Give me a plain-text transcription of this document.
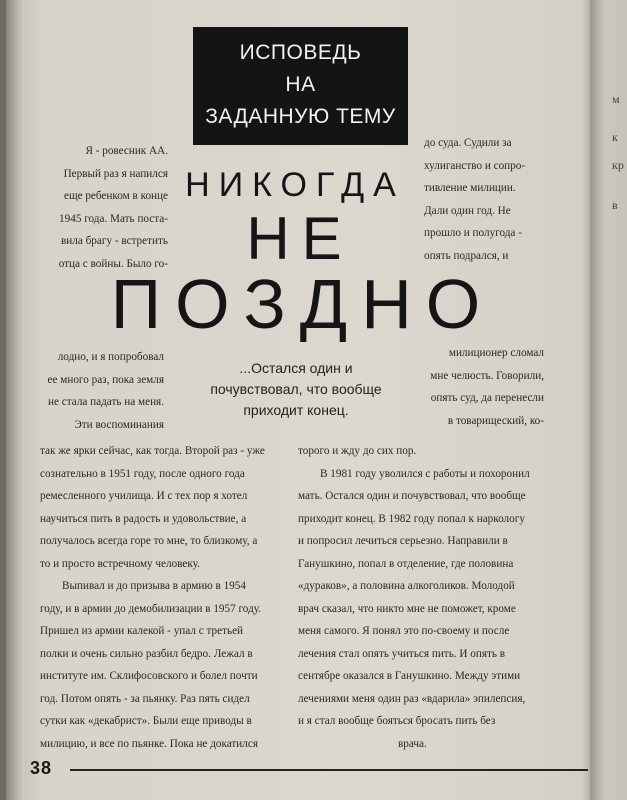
м
к
кр
в
ИСПОВЕДЬ
НА
ЗАДАННУЮ ТЕМУ
НИКОГДА
НЕ
ПОЗДНО

Я - ровесник АА.

Первый раз я напился

еще ребенком в конце

1945 года. Мать поста-

вила брагу - встретить

отца с войны. Было го-

до суда. Судили за

хулиганство и сопро-

тивление милиции.

Дали один год. Не

прошло и полугода -

опять подрался, и

лодно, и я попробовал

ее много раз, пока земля

не стала падать на меня.

Эти воспоминания

...Остался один и
почувствовал, что вообще
приходит конец.

милиционер сломал

мне челюсть. Говорили,

опять суд, да перенесли

в товарищеский, ко-

так же ярки сейчас, как тогда. Второй раз - уже

сознательно в 1951 году, после одного года

ремесленного училища. И с тех пор я хотел

научиться пить в радость и удовольствие, а

получалось всегда горе то мне, то близкому, а

то и просто встречному человеку.

Выпивал и до призыва в армию в 1954

году, и в армии до демобилизации в 1957 году.

Пришел из армии калекой - упал с третьей

полки и очень сильно разбил бедро. Лежал в

институте им. Склифосовского и болел почти

год. Потом опять - за пьянку. Раз пять сидел

сутки как «декабрист». Были еще приводы в

милицию, и все по пьянке. Пока не докатился

торого и жду до сих пор.

В 1981 году уволился с работы и похоронил

мать. Остался один и почувствовал, что вообще

приходит конец. В 1982 году попал к наркологу

и попросил лечиться серьезно. Направили в

Ганушкино, попал в отделение, где половина

«дураков», а половина алкоголиков. Молодой

врач сказал, что никто мне не поможет, кроме

меня самого. Я понял это по-своему и после

лечения стал опять учиться пить. И опять в

сентябре оказался в Ганушкино. Между этими

лечениями меня один раз «вдарила» эпилепсия,

и я стал вообще бояться бросать пить без

врача.

38
